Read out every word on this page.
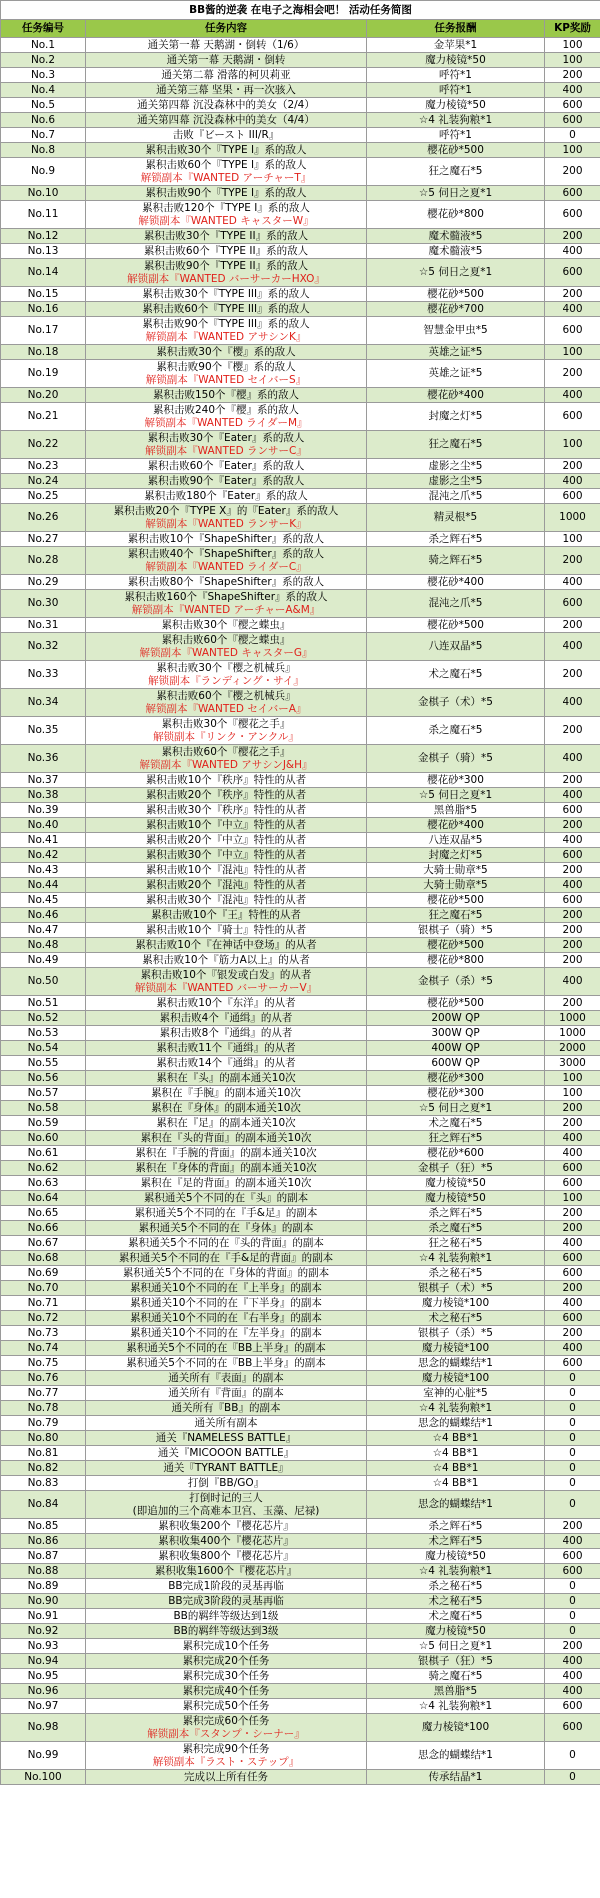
BB酱的逆袭 在电子之海相会吧！ 活动任务简图			
任务编号	任务内容	任务报酬	KP奖励
No.1	通关第一幕 天鹅湖・倒转（1/6）	金苹果*1	100
No.2	通关第一幕 天鹅湖・倒转	魔力棱镜*50	100
No.3	通关第二幕 滑落的柯贝莉亚	呼符*1	200
No.4	通关第三幕 坚果・再一次骇入	呼符*1	400
No.5	通关第四幕 沉没森林中的美女（2/4）	魔力棱镜*50	600
No.6	通关第四幕 沉没森林中的美女（4/4）	☆4 礼装狗粮*1	600
No.7	击败『ビースト III/R』	呼符*1	0
No.8	累积击败30个『TYPE I』系的敌人	樱花砂*500	100
No.9	累积击败60个『TYPE I』系的敌人
解锁副本『WANTED アーチャーT』	狂之魔石*5	200
No.10	累积击败90个『TYPE I』系的敌人	☆5 伺日之夏*1	600
No.11	累积击败120个『TYPE I』系的敌人
解锁副本『WANTED キャスターW』	樱花砂*800	600
No.12	累积击败30个『TYPE II』系的敌人	魔术髓液*5	200
No.13	累积击败60个『TYPE II』系的敌人	魔术髓液*5	400
No.14	累积击败90个『TYPE II』系的敌人
解锁副本『WANTED バーサーカーHXO』	☆5 伺日之夏*1	600
No.15	累积击败30个『TYPE III』系的敌人	樱花砂*500	200
No.16	累积击败60个『TYPE III』系的敌人	樱花砂*700	400
No.17	累积击败90个『TYPE III』系的敌人
解锁副本『WANTED アサシンK』	智慧金甲虫*5	600
No.18	累积击败30个『樱』系的敌人	英雄之证*5	100
No.19	累积击败90个『樱』系的敌人
解锁副本『WANTED セイバーS』	英雄之证*5	200
No.20	累积击败150个『樱』系的敌人	樱花砂*400	400
No.21	累积击败240个『樱』系的敌人
解锁副本『WANTED ライダーM』	封魔之灯*5	600
No.22	累积击败30个『Eater』系的敌人
解锁副本『WANTED ランサーC』	狂之魔石*5	100
No.23	累积击败60个『Eater』系的敌人	虚影之尘*5	200
No.24	累积击败90个『Eater』系的敌人	虚影之尘*5	400
No.25	累积击败180个『Eater』系的敌人	混沌之爪*5	600
No.26	累积击败20个『TYPE X』的『Eater』系的敌人
解锁副本『WANTED ランサーK』	精灵根*5	1000
No.27	累积击败10个『ShapeShifter』系的敌人	杀之辉石*5	100
No.28	累积击败40个『ShapeShifter』系的敌人
解锁副本『WANTED ライダーC』	骑之辉石*5	200
No.29	累积击败80个『ShapeShifter』系的敌人	樱花砂*400	400
No.30	累积击败160个『ShapeShifter』系的敌人
解锁副本『WANTED アーチャーA&M』	混沌之爪*5	600
No.31	累积击败30个『樱之蝶虫』	樱花砂*500	200
No.32	累积击败60个『樱之蝶虫』
解锁副本『WANTED キャスターG』	八连双晶*5	400
No.33	累积击败30个『樱之机械兵』
解锁副本『ランディング・サイ』	术之魔石*5	200
No.34	累积击败60个『樱之机械兵』
解锁副本『WANTED セイバーA』	金棋子（术）*5	400
No.35	累积击败30个『樱花之手』
解锁副本『リンク・アンクル』	杀之魔石*5	200
No.36	累积击败60个『樱花之手』
解锁副本『WANTED アサシンJ&H』	金棋子（骑）*5	400
No.37	累积击败10个『秩序』特性的从者	樱花砂*300	200
No.38	累积击败20个『秩序』特性的从者	☆5 伺日之夏*1	400
No.39	累积击败30个『秩序』特性的从者	黑兽脂*5	600
No.40	累积击败10个『中立』特性的从者	樱花砂*400	200
No.41	累积击败20个『中立』特性的从者	八连双晶*5	400
No.42	累积击败30个『中立』特性的从者	封魔之灯*5	600
No.43	累积击败10个『混沌』特性的从者	大骑士勋章*5	200
No.44	累积击败20个『混沌』特性的从者	大骑士勋章*5	400
No.45	累积击败30个『混沌』特性的从者	樱花砂*500	600
No.46	累积击败10个『王』特性的从者	狂之魔石*5	200
No.47	累积击败10个『骑士』特性的从者	银棋子（骑）*5	200
No.48	累积击败10个『在神话中登场』的从者	樱花砂*500	200
No.49	累积击败10个『筋力A以上』的从者	樱花砂*800	200
No.50	累积击败10个『银发或白发』的从者
解锁副本『WANTED バーサーカーV』	金棋子（杀）*5	400
No.51	累积击败10个『东洋』的从者	樱花砂*500	200
No.52	累积击败4个『通缉』的从者	200W QP	1000
No.53	累积击败8个『通缉』的从者	300W QP	1000
No.54	累积击败11个『通缉』的从者	400W QP	2000
No.55	累积击败14个『通缉』的从者	600W QP	3000
No.56	累积在『头』的副本通关10次	樱花砂*300	100
No.57	累积在『手腕』的副本通关10次	樱花砂*300	100
No.58	累积在『身体』的副本通关10次	☆5 伺日之夏*1	200
No.59	累积在『足』的副本通关10次	术之魔石*5	200
No.60	累积在『头的背面』的副本通关10次	狂之辉石*5	400
No.61	累积在『手腕的背面』的副本通关10次	樱花砂*600	400
No.62	累积在『身体的背面』的副本通关10次	金棋子（狂）*5	600
No.63	累积在『足的背面』的副本通关10次	魔力棱镜*50	600
No.64	累积通关5个不同的在『头』的副本	魔力棱镜*50	100
No.65	累积通关5个不同的在『手&足』的副本	杀之辉石*5	200
No.66	累积通关5个不同的在『身体』的副本	杀之魔石*5	200
No.67	累积通关5个不同的在『头的背面』的副本	狂之秘石*5	400
No.68	累积通关5个不同的在『手&足的背面』的副本	☆4 礼装狗粮*1	600
No.69	累积通关5个不同的在『身体的背面』的副本	杀之秘石*5	600
No.70	累积通关10个不同的在『上半身』的副本	银棋子（术）*5	200
No.71	累积通关10个不同的在『下半身』的副本	魔力棱镜*100	400
No.72	累积通关10个不同的在『右半身』的副本	术之秘石*5	600
No.73	累积通关10个不同的在『左半身』的副本	银棋子（杀）*5	200
No.74	累积通关5个不同的在『BB上半身』的副本	魔力棱镜*100	400
No.75	累积通关5个不同的在『BB上半身』的副本	思念的蝴蝶结*1	600
No.76	通关所有『表面』的副本	魔力棱镜*100	0
No.77	通关所有『背面』的副本	室神的心脏*5	0
No.78	通关所有『BB』的副本	☆4 礼装狗粮*1	0
No.79	通关所有副本	思念的蝴蝶结*1	0
No.80	通关『NAMELESS BATTLE』	☆4 BB*1	0
No.81	通关『MICOOON BATTLE』	☆4 BB*1	0
No.82	通关『TYRANT BATTLE』	☆4 BB*1	0
No.83	打倒『BB/GO』	☆4 BB*1	0
No.84	打倒时记的三人
(即追加的三个高难本卫宫、玉藻、尼禄)	思念的蝴蝶结*1	0
No.85	累积收集200个『樱花芯片』	杀之辉石*5	200
No.86	累积收集400个『樱花芯片』	术之辉石*5	400
No.87	累积收集800个『樱花芯片』	魔力棱镜*50	600
No.88	累积收集1600个『樱花芯片』	☆4 礼装狗粮*1	600
No.89	BB完成1阶段的灵基再临	杀之秘石*5	0
No.90	BB完成3阶段的灵基再临	术之秘石*5	0
No.91	BB的羁绊等级达到1级	术之魔石*5	0
No.92	BB的羁绊等级达到3级	魔力棱镜*50	0
No.93	累积完成10个任务	☆5 伺日之夏*1	200
No.94	累积完成20个任务	银棋子（狂）*5	400
No.95	累积完成30个任务	骑之魔石*5	400
No.96	累积完成40个任务	黑兽脂*5	400
No.97	累积完成50个任务	☆4 礼装狗粮*1	600
No.98	累积完成60个任务
解锁副本『スタンプ・シーナー』	魔力棱镜*100	600
No.99	累积完成90个任务
解锁副本『ラスト・ステップ』	思念的蝴蝶结*1	0
No.100	完成以上所有任务	传承结晶*1	0
